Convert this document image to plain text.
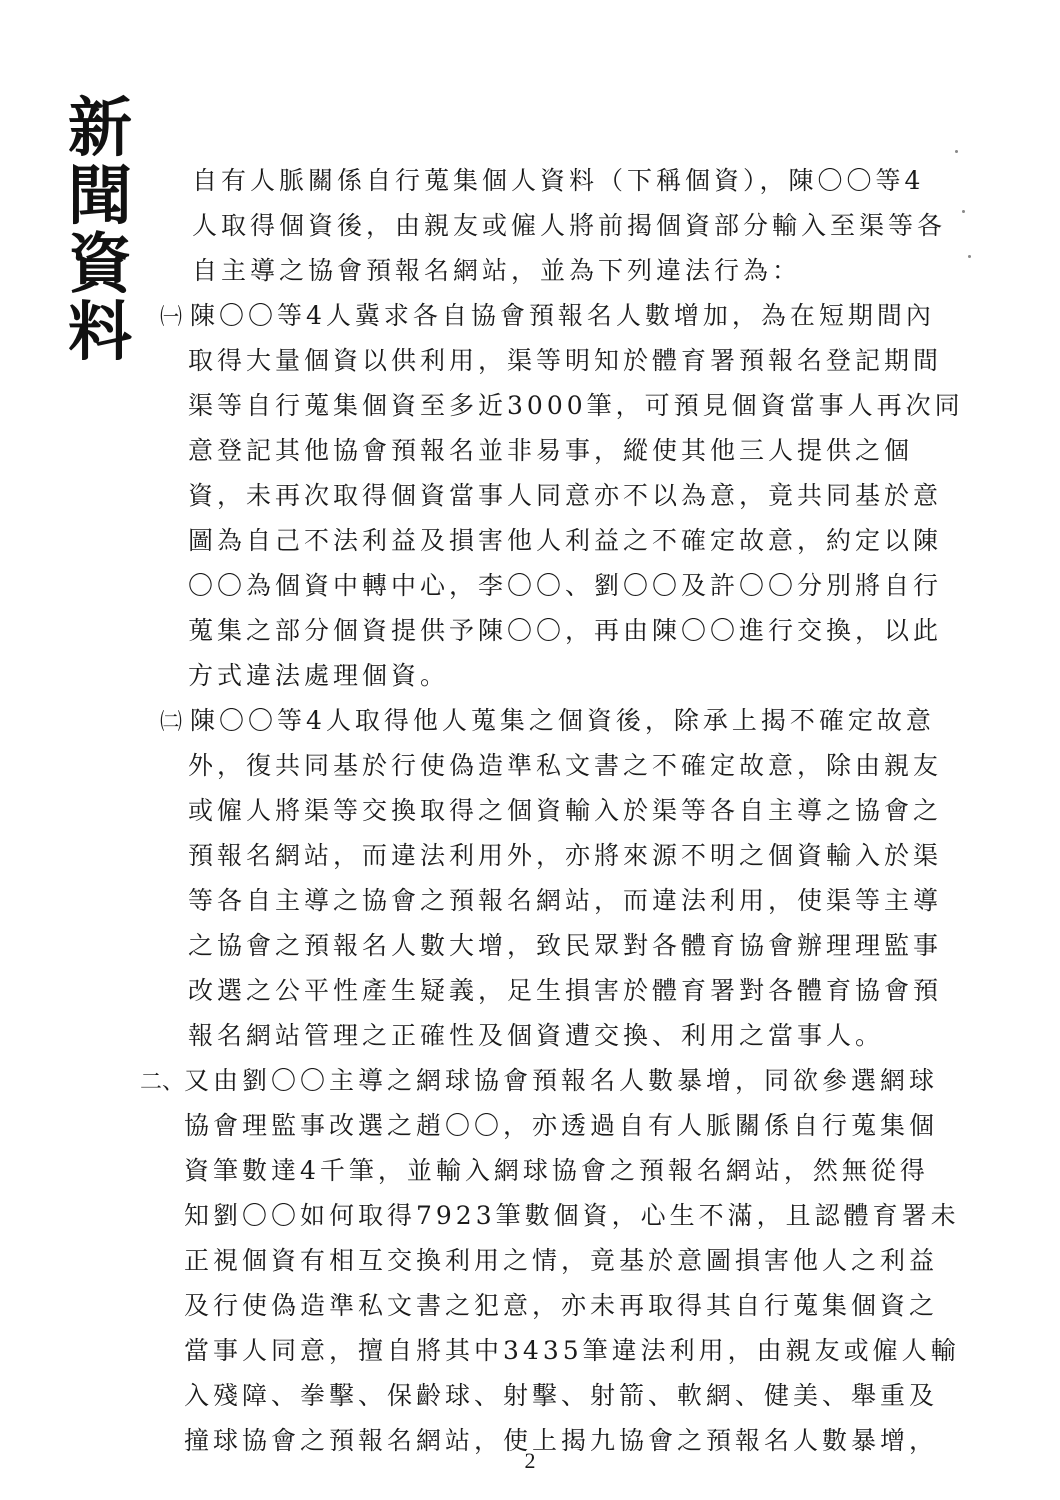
新
聞
資
料
自有人脈關係自行蒐集個人資料（下稱個資），陳〇〇等4
人取得個資後，由親友或僱人將前揭個資部分輸入至渠等各
自主導之協會預報名網站，並為下列違法行為：
㈠ 陳〇〇等4人冀求各自協會預報名人數增加，為在短期間內
取得大量個資以供利用，渠等明知於體育署預報名登記期間
渠等自行蒐集個資至多近3000筆，可預見個資當事人再次同
意登記其他協會預報名並非易事，縱使其他三人提供之個
資，未再次取得個資當事人同意亦不以為意，竟共同基於意
圖為自己不法利益及損害他人利益之不確定故意，約定以陳
〇〇為個資中轉中心，李〇〇、劉〇〇及許〇〇分別將自行
蒐集之部分個資提供予陳〇〇，再由陳〇〇進行交換，以此
方式違法處理個資。
㈡ 陳〇〇等4人取得他人蒐集之個資後，除承上揭不確定故意
外，復共同基於行使偽造準私文書之不確定故意，除由親友
或僱人將渠等交換取得之個資輸入於渠等各自主導之協會之
預報名網站，而違法利用外，亦將來源不明之個資輸入於渠
等各自主導之協會之預報名網站，而違法利用，使渠等主導
之協會之預報名人數大增，致民眾對各體育協會辦理理監事
改選之公平性產生疑義，足生損害於體育署對各體育協會預
報名網站管理之正確性及個資遭交換、利用之當事人。
二、又由劉〇〇主導之網球協會預報名人數暴增，同欲參選網球
協會理監事改選之趙〇〇，亦透過自有人脈關係自行蒐集個
資筆數達4千筆，並輸入網球協會之預報名網站，然無從得
知劉〇〇如何取得7923筆數個資，心生不滿，且認體育署未
正視個資有相互交換利用之情，竟基於意圖損害他人之利益
及行使偽造準私文書之犯意，亦未再取得其自行蒐集個資之
當事人同意，擅自將其中3435筆違法利用，由親友或僱人輸
入殘障、拳擊、保齡球、射擊、射箭、軟網、健美、舉重及
撞球協會之預報名網站，使上揭九協會之預報名人數暴增，
2
